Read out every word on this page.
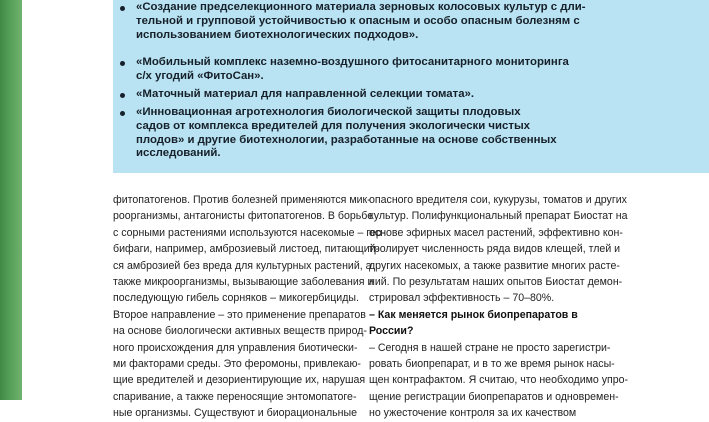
«Создание предселекционного материала зерновых колосовых культур с дли-
тельной и групповой устойчивостью к опасным и особо опасным болезням с
использованием биотехнологических подходов».
«Мобильный комплекс наземно-воздушного фитосанитарного мониторинга
с/х угодий «ФитоСан».
«Маточный материал для направленной селекции томата».
«Инновационная агротехнология биологической защиты плодовых
садов от комплекса вредителей для получения экологически чистых
плодов» и другие биотехнологии, разработанные на основе собственных
исследований.
фитопатогенов. Против болезней применяются мик-
роорганизмы, антагонисты фитопатогенов. В борьбе
с сорными растениями используются насекомые – гер-
бифаги, например, амброзиевый листоед, питающий-
ся амброзией без вреда для культурных растений, а
также микроорганизмы, вызывающие заболевания и
последующую гибель сорняков – микогербициды.
Второе направление – это применение препаратов
на основе биологически активных веществ природ-
ного происхождения для управления биотически-
ми факторами среды. Это феромоны, привлекаю-
щие вредителей и дезориентирующие их, нарушая
спаривание, а также переносящие энтомопатоге-
ные организмы. Существуют и биорациональные
опасного вредителя сои, кукурузы, томатов и других
культур. Полифункциональный препарат Биостат на
основе эфирных масел растений, эффективно кон-
тролирует численность ряда видов клещей, тлей и
других насекомых, а также развитие многих расте-
ний. По результатам наших опытов Биостат демон-
стрировал эффективность – 70–80%.
– Как меняется рынок биопрепаратов в
России?
– Сегодня в нашей стране не просто зарегистри-
ровать биопрепарат, и в то же время рынок насы-
щен контрафактом. Я считаю, что необходимо упро-
щение регистрации биопрепаратов и одновремен-
но ужесточение контроля за их качеством
